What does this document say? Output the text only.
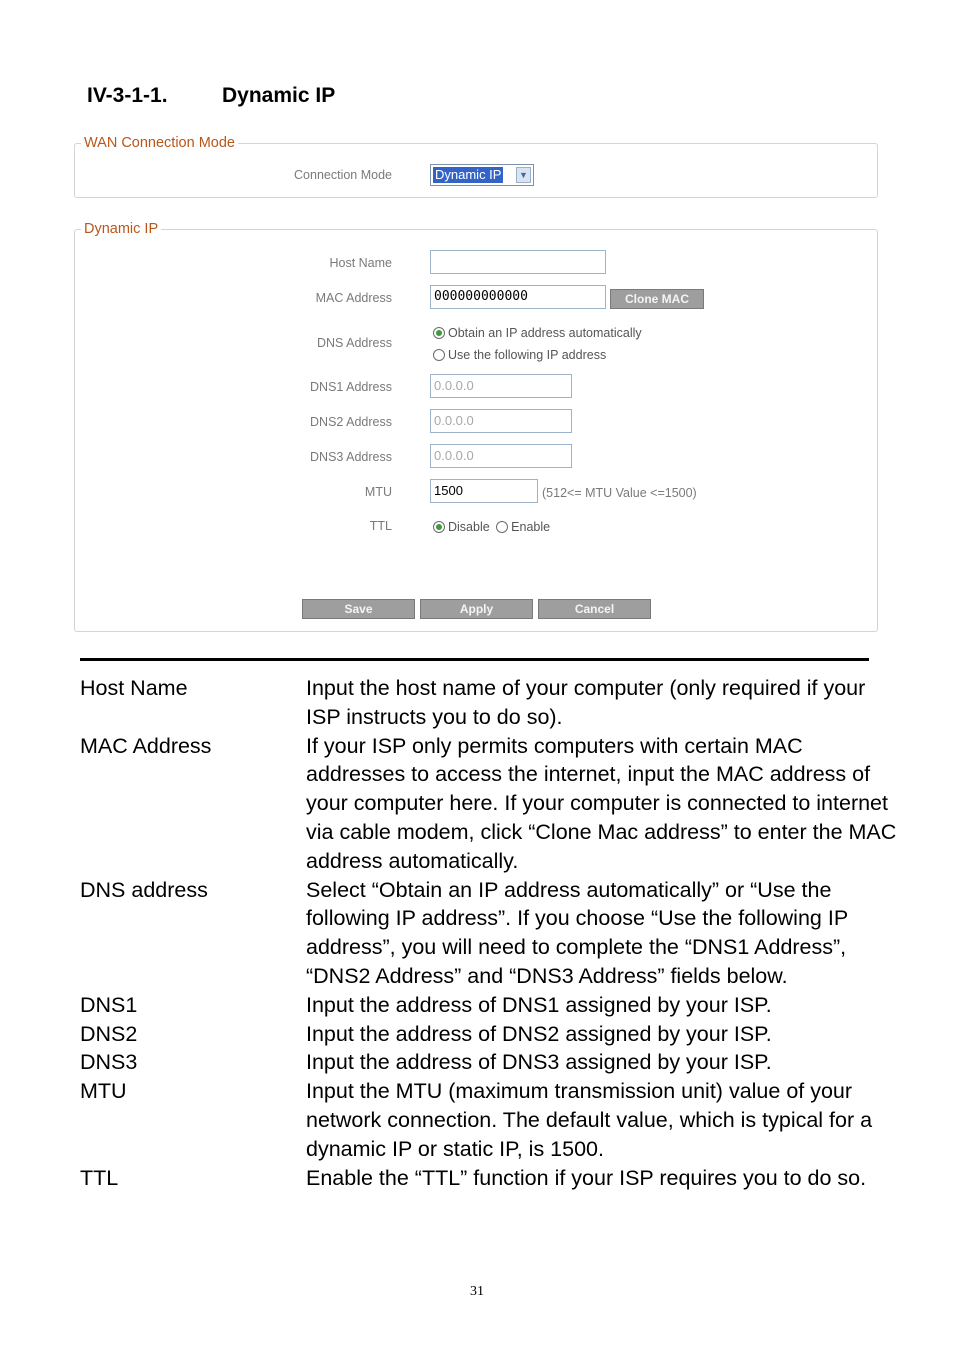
IV-3-1-1.	Dynamic IP
WAN Connection Mode
Connection Mode	Dynamic IP	▼
Dynamic IP
Host Name
MAC Address	000000000000	Clone MAC
DNS Address
Obtain an IP address automatically
Use the following IP address
DNS1 Address	0.0.0.0
DNS2 Address	0.0.0.0
DNS3 Address	0.0.0.0
MTU	1500	(512<= MTU Value <=1500)
TTL	Disable Enable
Save	Apply	Cancel
Host Name	Input the host name of your computer (only required if your ISP instructs you to do so).
MAC Address	If your ISP only permits computers with certain MAC addresses to access the internet, input the MAC address of your computer here. If your computer is connected to internet via cable modem, click “Clone Mac address” to enter the MAC address automatically.
DNS address	Select “Obtain an IP address automatically” or “Use the following IP address”. If you choose “Use the following IP address”, you will need to complete the “DNS1 Address”, “DNS2 Address” and “DNS3 Address” fields below.
DNS1	Input the address of DNS1 assigned by your ISP.
DNS2	Input the address of DNS2 assigned by your ISP.
DNS3	Input the address of DNS3 assigned by your ISP.
MTU	Input the MTU (maximum transmission unit) value of your network connection. The default value, which is typical for a dynamic IP or static IP, is 1500.
TTL	Enable the “TTL” function if your ISP requires you to do so.
31
